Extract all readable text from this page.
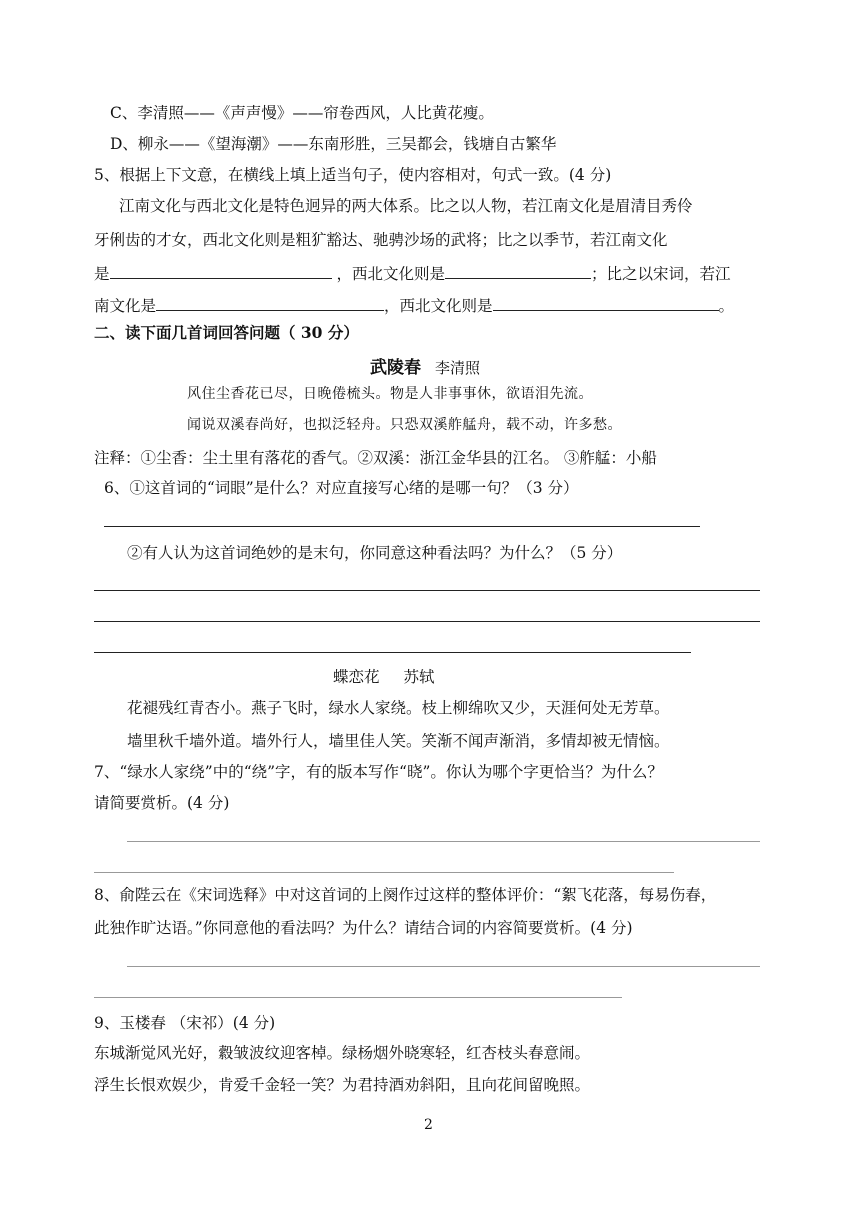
C、李清照——《声声慢》——帘卷西风，人比黄花瘦。
D、柳永——《望海潮》——东南形胜，三吴都会，钱塘自古繁华
5、根据上下文意，在横线上填上适当句子，使内容相对，句式一致。(4 分)
江南文化与西北文化是特色迥异的两大体系。比之以人物，若江南文化是眉清目秀伶
牙俐齿的才女，西北文化则是粗犷豁达、驰骋沙场的武将；比之以季节，若江南文化
是	，西北文化则是	；比之以宋词，若江
南文化是	，西北文化则是	。
二、读下面几首词回答问题（ 30 分）
武陵春 李清照
风住尘香花已尽，日晚倦梳头。物是人非事事休，欲语泪先流。
闻说双溪春尚好，也拟泛轻舟。只恐双溪舴艋舟，载不动，许多愁。
注释：①尘香：尘土里有落花的香气。②双溪：浙江金华县的江名。 ③舴艋：小船
6、①这首词的“词眼”是什么？对应直接写心绪的是哪一句？（3 分）
②有人认为这首词绝妙的是末句，你同意这种看法吗？为什么？（5 分）
蝶恋花 苏轼
花褪残红青杏小。燕子飞时，绿水人家绕。枝上柳绵吹又少，天涯何处无芳草。
墙里秋千墙外道。墙外行人，墙里佳人笑。笑渐不闻声渐消，多情却被无情恼。
7、“绿水人家绕”中的“绕”字，有的版本写作“晓”。你认为哪个字更恰当？为什么？
请简要赏析。(4 分)
8、俞陛云在《宋词选释》中对这首词的上阕作过这样的整体评价：“絮飞花落，每易伤春，
此独作旷达语。”你同意他的看法吗？为什么？请结合词的内容简要赏析。(4 分)
9、玉楼春 （宋祁）(4 分)
东城渐觉风光好，縠皱波纹迎客棹。绿杨烟外晓寒轻，红杏枝头春意闹。
浮生长恨欢娱少，肯爱千金轻一笑？为君持酒劝斜阳，且向花间留晚照。
2
